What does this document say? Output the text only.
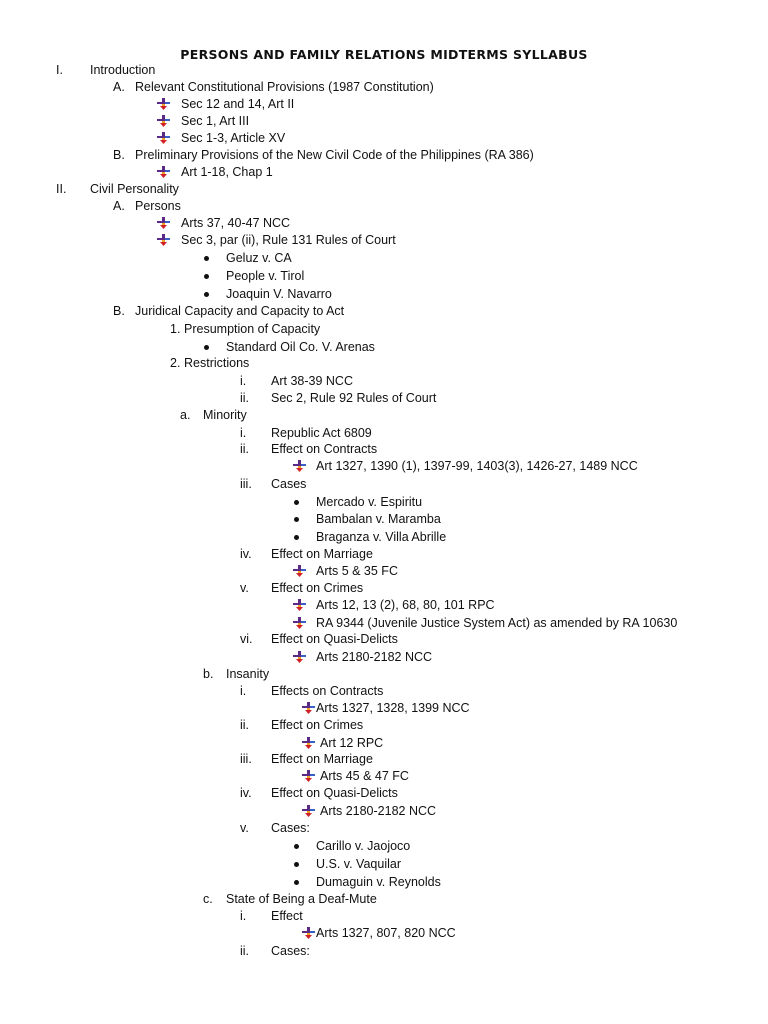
PERSONS AND FAMILY RELATIONS MIDTERMS SYLLABUS
I. Introduction
A. Relevant Constitutional Provisions (1987 Constitution)
Sec 12 and 14, Art II
Sec 1, Art III
Sec 1-3, Article XV
B. Preliminary Provisions of the New Civil Code of the Philippines (RA 386)
Art 1-18, Chap 1
II. Civil Personality
A. Persons
Arts 37, 40-47 NCC
Sec 3, par (ii), Rule 131 Rules of Court
Geluz v. CA
People v. Tirol
Joaquin V. Navarro
B. Juridical Capacity and Capacity to Act
1. Presumption of Capacity
Standard Oil Co. V. Arenas
2. Restrictions
i. Art 38-39 NCC
ii. Sec 2, Rule 92 Rules of Court
a. Minority
i. Republic Act 6809
ii. Effect on Contracts
Art 1327, 1390 (1), 1397-99, 1403(3), 1426-27, 1489 NCC
iii. Cases
Mercado v. Espiritu
Bambalan v. Maramba
Braganza v. Villa Abrille
iv. Effect on Marriage
Arts 5 & 35 FC
v. Effect on Crimes
Arts 12, 13 (2), 68, 80, 101 RPC
RA 9344 (Juvenile Justice System Act) as amended by RA 10630
vi. Effect on Quasi-Delicts
Arts 2180-2182 NCC
b. Insanity
i. Effects on Contracts
Arts 1327, 1328, 1399 NCC
ii. Effect on Crimes
Art 12 RPC
iii. Effect on Marriage
Arts 45 & 47 FC
iv. Effect on Quasi-Delicts
Arts 2180-2182 NCC
v. Cases:
Carillo v. Jaojoco
U.S. v. Vaquilar
Dumaguin v. Reynolds
c. State of Being a Deaf-Mute
i. Effect
Arts 1327, 807, 820 NCC
ii. Cases:
